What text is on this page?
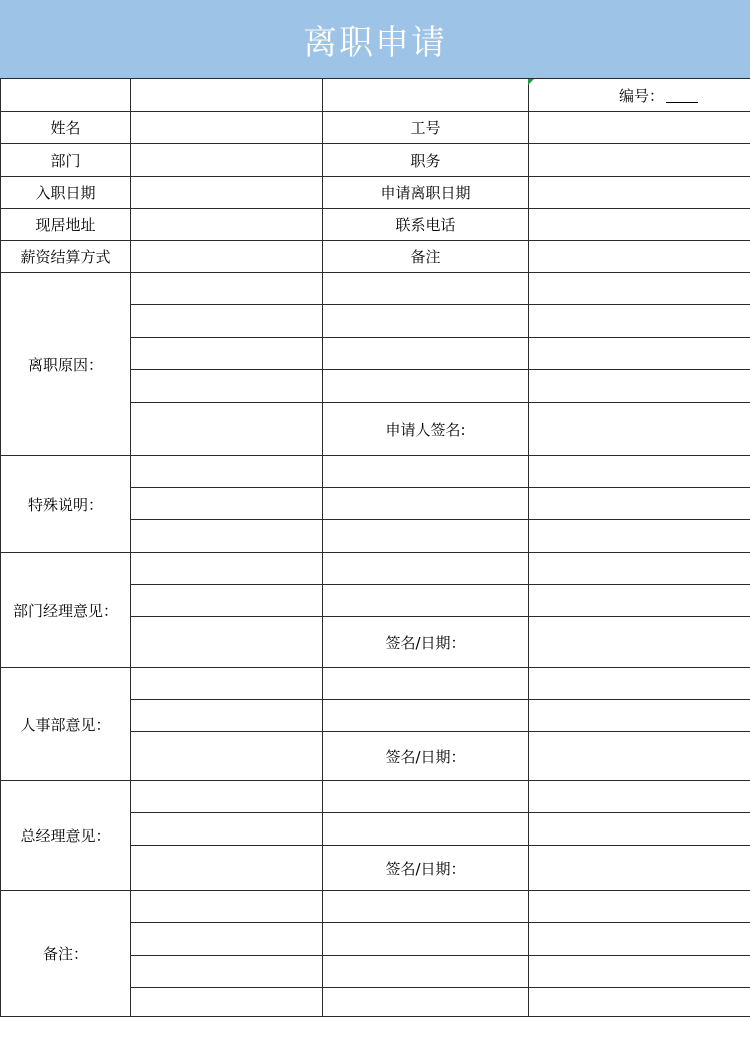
离职申请
编号：
姓名	工号
部门	职务
入职日期	申请离职日期
现居地址	联系电话
薪资结算方式	备注
离职原因：
申请人签名:
特殊说明：
部门经理意见：
签名/日期：
人事部意见：
签名/日期：
总经理意见：
签名/日期：
备注：
